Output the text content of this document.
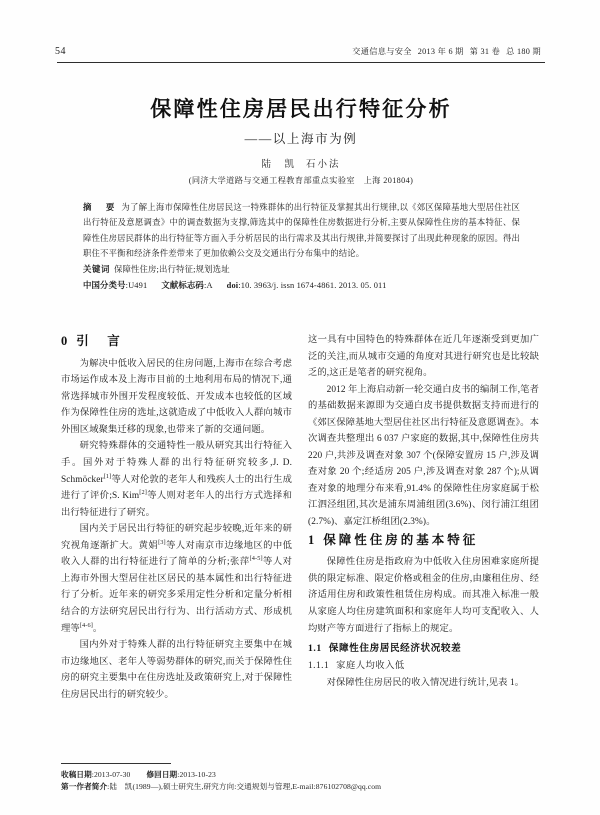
54	交通信息与安全 2013 年 6 期 第 31 卷 总 180 期
保障性住房居民出行特征分析
——以上海市为例
陆　凯 石小法
(同济大学道路与交通工程教育部重点实验室　上海 201804)
摘　要 为了解上海市保障性住房居民这一特殊群体的出行特征及掌握其出行规律,以《郊区保障基地大型居住社区出行特征及意愿调查》中的调查数据为支撑,筛选其中的保障性住房数据进行分析,主要从保障性住房的基本特征、保障性住房居民群体的出行特征等方面入手分析居民的出行需求及其出行规律,并简要探讨了出现此种现象的原因。得出职住不平衡和经济条件差带来了更加依赖公交及交通出行分布集中的结论。
关键词 保障性住房;出行特征;规划选址
中国分类号:U491 文献标志码:A doi:10. 3963/j. issn 1674-4861. 2013. 05. 011
0 引　言

为解决中低收入居民的住房问题,上海市在综合考虑市场运作成本及上海市目前的土地利用布局的情况下,通常选择城市外围开发程度较低、开发成本也较低的区域作为保障性住房的选址,这就造成了中低收入人群向城市外围区域聚集迁移的现象,也带来了新的交通问题。

研究特殊群体的交通特性一般从研究其出行特征入手。国外对于特殊人群的出行特征研究较多,J. D. Schmöcker[1]等人对伦敦的老年人和残疾人士的出行生成进行了评价;S. Kim[2]等人则对老年人的出行方式选择和出行特征进行了研究。

国内关于居民出行特征的研究起步较晚,近年来的研究视角逐渐扩大。黄娟[3]等人对南京市边缘地区的中低收入人群的出行特征进行了简单的分析;张萍[4-5]等人对上海市外围大型居住社区居民的基本属性和出行特征进行了分析。近年来的研究多采用定性分析和定量分析相结合的方法研究居民出行行为、出行活动方式、形成机理等[4-6]。

国内外对于特殊人群的出行特征研究主要集中在城市边缘地区、老年人等弱势群体的研究,而关于保障性住房的研究主要集中在住房选址及政策研究上,对于保障性住房居民出行的研究较少。

这一具有中国特色的特殊群体在近几年逐渐受到更加广泛的关注,而从城市交通的角度对其进行研究也是比较缺乏的,这正是笔者的研究视角。

2012 年上海启动新一轮交通白皮书的编制工作,笔者的基础数据来源即为交通白皮书提供数据支持而进行的《郊区保障基地大型居住社区出行特征及意愿调查》。本次调查共整理出 6 037 户家庭的数据,其中,保障性住房共 220 户,共涉及调查对象 307 个(保障安置房 15 户,涉及调查对象 20 个;经适房 205 户,涉及调查对象 287 个);从调查对象的地理分布来看,91.4% 的保障性住房家庭属于松江泗泾组团,其次是浦东周浦组团(3.6%)、闵行浦江组团(2.7%)、嘉定江桥组团(2.3%)。

1 保障性住房的基本特征

保障性住房是指政府为中低收入住房困难家庭所提供的限定标准、限定价格或租金的住房,由廉租住房、经济适用住房和政策性租赁住房构成。而其准入标准一般从家庭人均住房建筑面积和家庭年人均可支配收入、人均财产等方面进行了指标上的规定。

1.1 保障性住房居民经济状况较差
1.1.1 家庭人均收入低

对保障性住房居民的收入情况进行统计,见表 1。

收稿日期:2013-07-30 修回日期:2013-10-23
第一作者简介:陆　凯(1989—),硕士研究生,研究方向:交通规划与管理,E-mail:876102708@qq.com
